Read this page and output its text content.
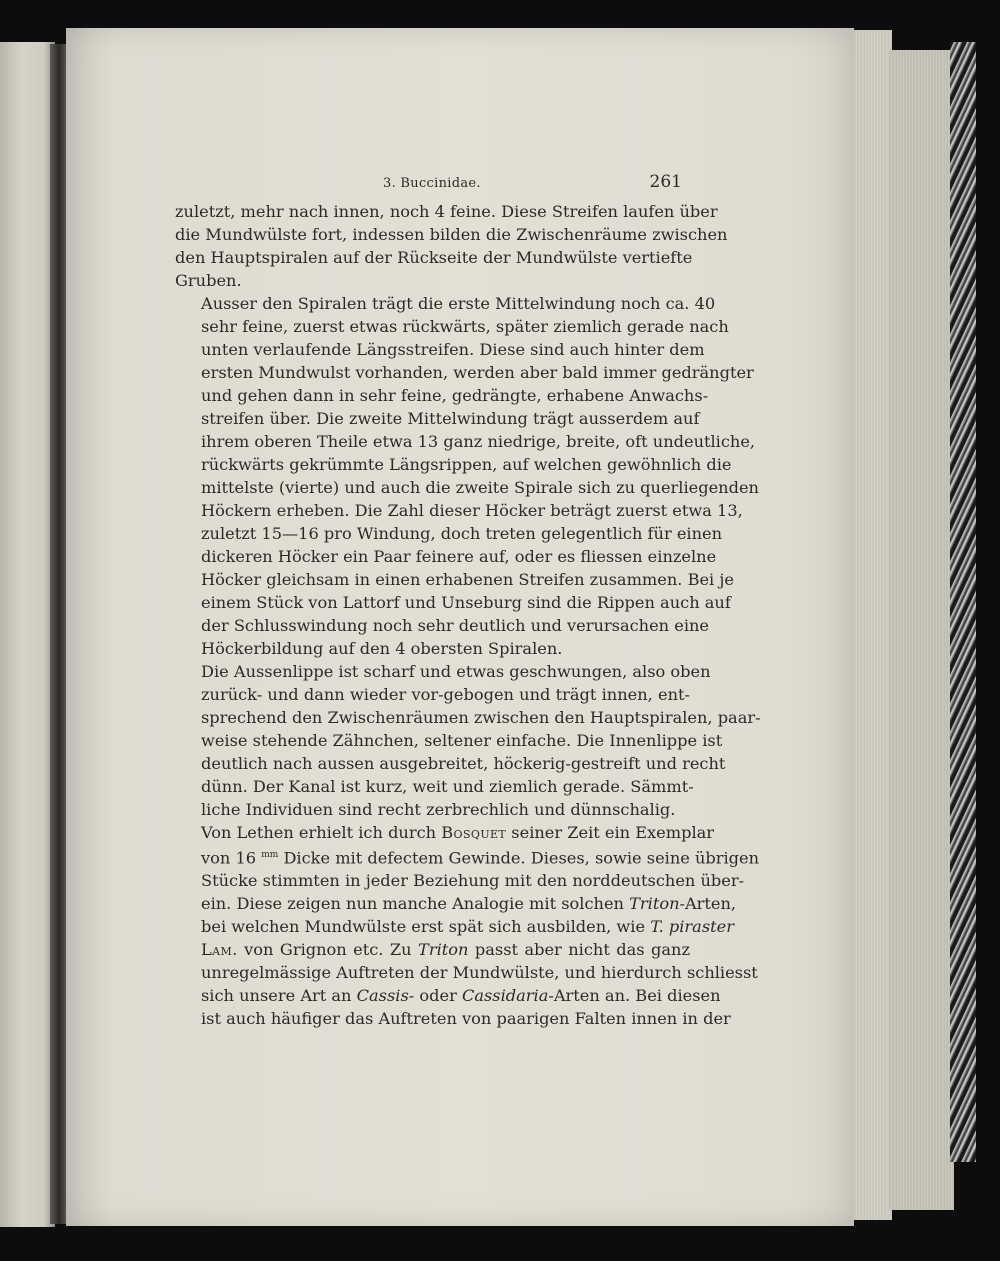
3. Buccinidae.	261

zuletzt, mehr nach innen, noch 4 feine. Diese Streifen laufen über
die Mundwülste fort, indessen bilden die Zwischenräume zwischen
den Hauptspiralen auf der Rückseite der Mundwülste vertiefte
Gruben.

Ausser den Spiralen trägt die erste Mittelwindung noch ca. 40
sehr feine, zuerst etwas rückwärts, später ziemlich gerade nach
unten verlaufende Längsstreifen. Diese sind auch hinter dem
ersten Mundwulst vorhanden, werden aber bald immer gedrängter
und gehen dann in sehr feine, gedrängte, erhabene Anwachs-
streifen über. Die zweite Mittelwindung trägt ausserdem auf
ihrem oberen Theile etwa 13 ganz niedrige, breite, oft undeutliche,
rückwärts gekrümmte Längsrippen, auf welchen gewöhnlich die
mittelste (vierte) und auch die zweite Spirale sich zu querliegenden
Höckern erheben. Die Zahl dieser Höcker beträgt zuerst etwa 13,
zuletzt 15—16 pro Windung, doch treten gelegentlich für einen
dickeren Höcker ein Paar feinere auf, oder es fliessen einzelne
Höcker gleichsam in einen erhabenen Streifen zusammen. Bei je
einem Stück von Lattorf und Unseburg sind die Rippen auch auf
der Schlusswindung noch sehr deutlich und verursachen eine
Höckerbildung auf den 4 obersten Spiralen.

Die Aussenlippe ist scharf und etwas geschwungen, also oben
zurück- und dann wieder vor-gebogen und trägt innen, ent-
sprechend den Zwischenräumen zwischen den Hauptspiralen, paar-
weise stehende Zähnchen, seltener einfache. Die Innenlippe ist
deutlich nach aussen ausgebreitet, höckerig-gestreift und recht
dünn. Der Kanal ist kurz, weit und ziemlich gerade. Sämmt-
liche Individuen sind recht zerbrechlich und dünnschalig.

Von Lethen erhielt ich durch Bosquet seiner Zeit ein Exemplar
von 16 $^{mm}$ Dicke mit defectem Gewinde. Dieses, sowie seine übrigen
Stücke stimmten in jeder Beziehung mit den norddeutschen über-
ein. Diese zeigen nun manche Analogie mit solchen Triton-Arten,
bei welchen Mundwülste erst spät sich ausbilden, wie T. piraster
Lam. von Grignon etc. Zu Triton passt aber nicht das ganz
unregelmässige Auftreten der Mundwülste, und hierdurch schliesst
sich unsere Art an Cassis- oder Cassidaria-Arten an. Bei diesen
ist auch häufiger das Auftreten von paarigen Falten innen in der
